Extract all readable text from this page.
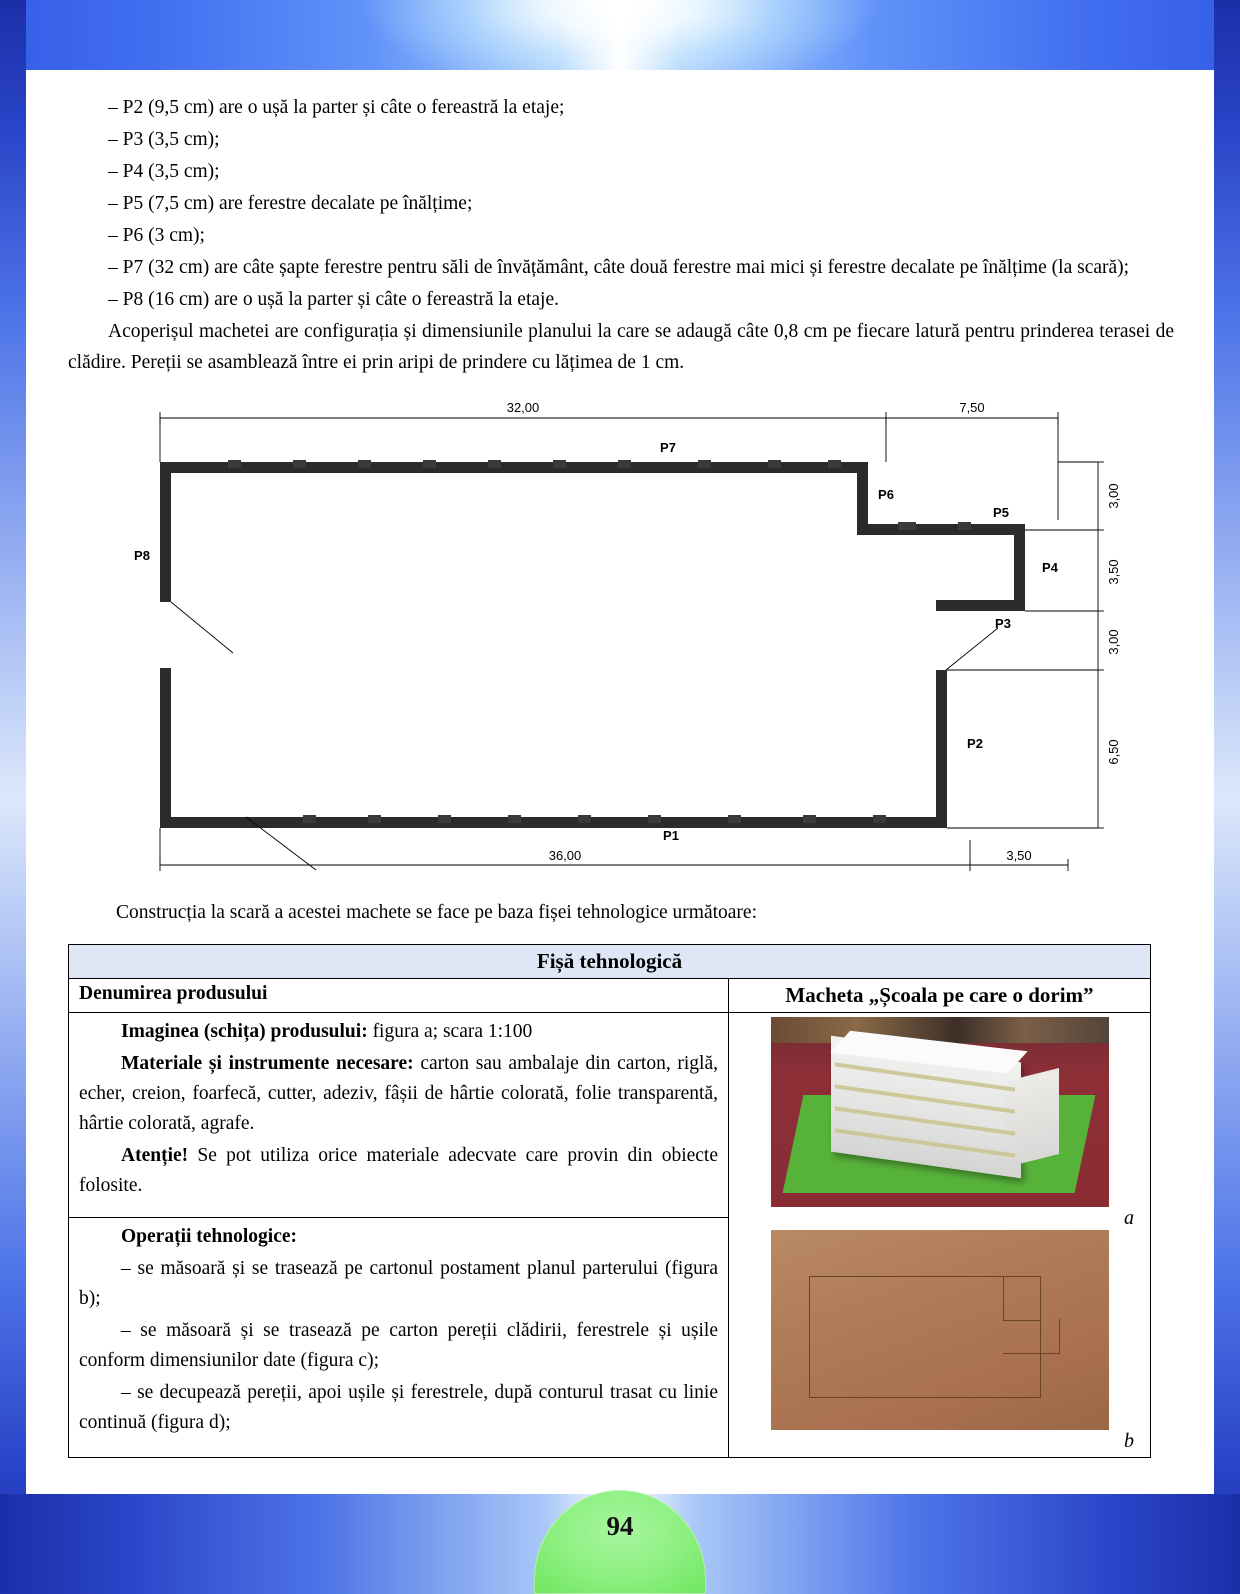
94

– P2 (9,5 cm) are o ușă la parter și câte o fereastră la etaje;

– P3 (3,5 cm);

– P4 (3,5 cm);

– P5 (7,5 cm) are ferestre decalate pe înălțime;

– P6 (3 cm);

– P7 (32 cm) are câte șapte ferestre pentru săli de învățământ, câte două ferestre mai mici și ferestre decalate pe înălțime (la scară);

– P8 (16 cm) are o ușă la parter și câte o fereastră la etaje.

Acoperișul machetei are configurația și dimensiunile planului la care se adaugă câte 0,8 cm pe fiecare latură pentru prinderea terasei de clădire. Pereții se asamblează între ei prin aripi de prindere cu lățimea de 1 cm.

32,00	7,50
3,00
3,50
3,00
6,50
36,00	3,50
P7
P6
P5
P4
P3
P2
P1
P8

Construcția la scară a acestei machete se face pe baza fișei tehnologice următoare:

Fișă tehnologică	
Denumirea produsului	Macheta „Școala pe care o dorim”

Imaginea (schița) produsului: figura a; scara 1:100

Materiale și instrumente necesare: carton sau ambalaje din carton, riglă, echer, creion, foarfecă, cutter, adeziv, fâșii de hârtie colorată, folie transparentă, hârtie colorată, agrafe.

Atenție! Se pot utiliza orice materiale adecvate care provin din obiecte folosite.

a
b

Operații tehnologice:

– se măsoară și se trasează pe cartonul postament planul parterului (figura b);

– se măsoară și se trasează pe carton pereții clădirii, ferestrele și ușile conform dimensiunilor date (figura c);

– se decupează pereții, apoi ușile și ferestrele, după conturul trasat cu linie continuă (figura d);	
